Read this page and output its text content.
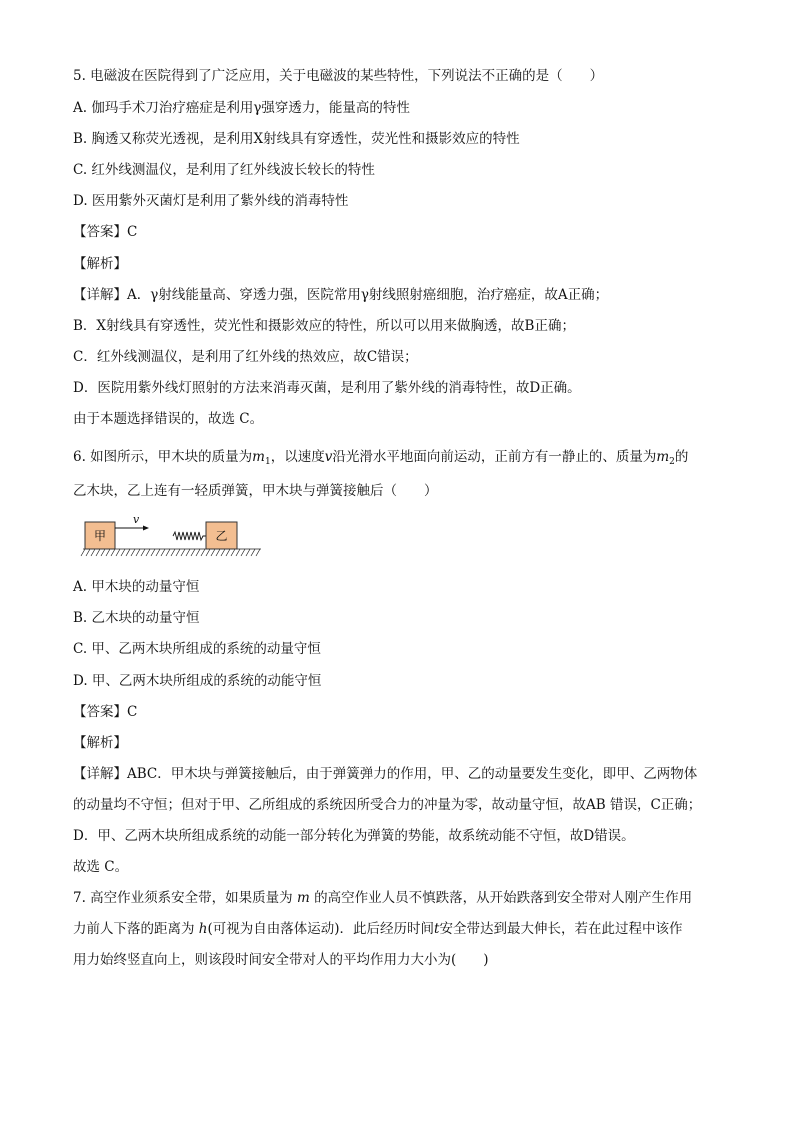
5. 电磁波在医院得到了广泛应用，关于电磁波的某些特性，下列说法不正确的是（　　）
A. 伽玛手术刀治疗癌症是利用γ强穿透力，能量高的特性
B. 胸透又称荧光透视，是利用X射线具有穿透性，荧光性和摄影效应的特性
C. 红外线测温仪，是利用了红外线波长较长的特性
D. 医用紫外灭菌灯是利用了紫外线的消毒特性
【答案】C
【解析】
【详解】A．γ射线能量高、穿透力强，医院常用γ射线照射癌细胞，治疗癌症，故A正确；
B．X射线具有穿透性，荧光性和摄影效应的特性，所以可以用来做胸透，故B正确；
C．红外线测温仪，是利用了红外线的热效应，故C错误；
D．医院用紫外线灯照射的方法来消毒灭菌，是利用了紫外线的消毒特性，故D正确。
由于本题选择错误的，故选 C。
6. 如图所示，甲木块的质量为$m_1$，以速度v沿光滑水平地面向前运动，正前方有一静止的、质量为$m_2$的
乙木块，乙上连有一轻质弹簧，甲木块与弹簧接触后（　　）
甲
v
乙
A. 甲木块的动量守恒
B. 乙木块的动量守恒
C. 甲、乙两木块所组成的系统的动量守恒
D. 甲、乙两木块所组成的系统的动能守恒
【答案】C
【解析】
【详解】ABC．甲木块与弹簧接触后，由于弹簧弹力的作用，甲、乙的动量要发生变化，即甲、乙两物体
的动量均不守恒；但对于甲、乙所组成的系统因所受合力的冲量为零，故动量守恒，故AB 错误，C正确；
D．甲、乙两木块所组成系统的动能一部分转化为弹簧的势能，故系统动能不守恒，故D错误。
故选 C。
7. 高空作业须系安全带，如果质量为 m 的高空作业人员不慎跌落，从开始跌落到安全带对人刚产生作用
力前人下落的距离为 h(可视为自由落体运动)．此后经历时间t安全带达到最大伸长，若在此过程中该作
用力始终竖直向上，则该段时间安全带对人的平均作用力大小为(　　)
